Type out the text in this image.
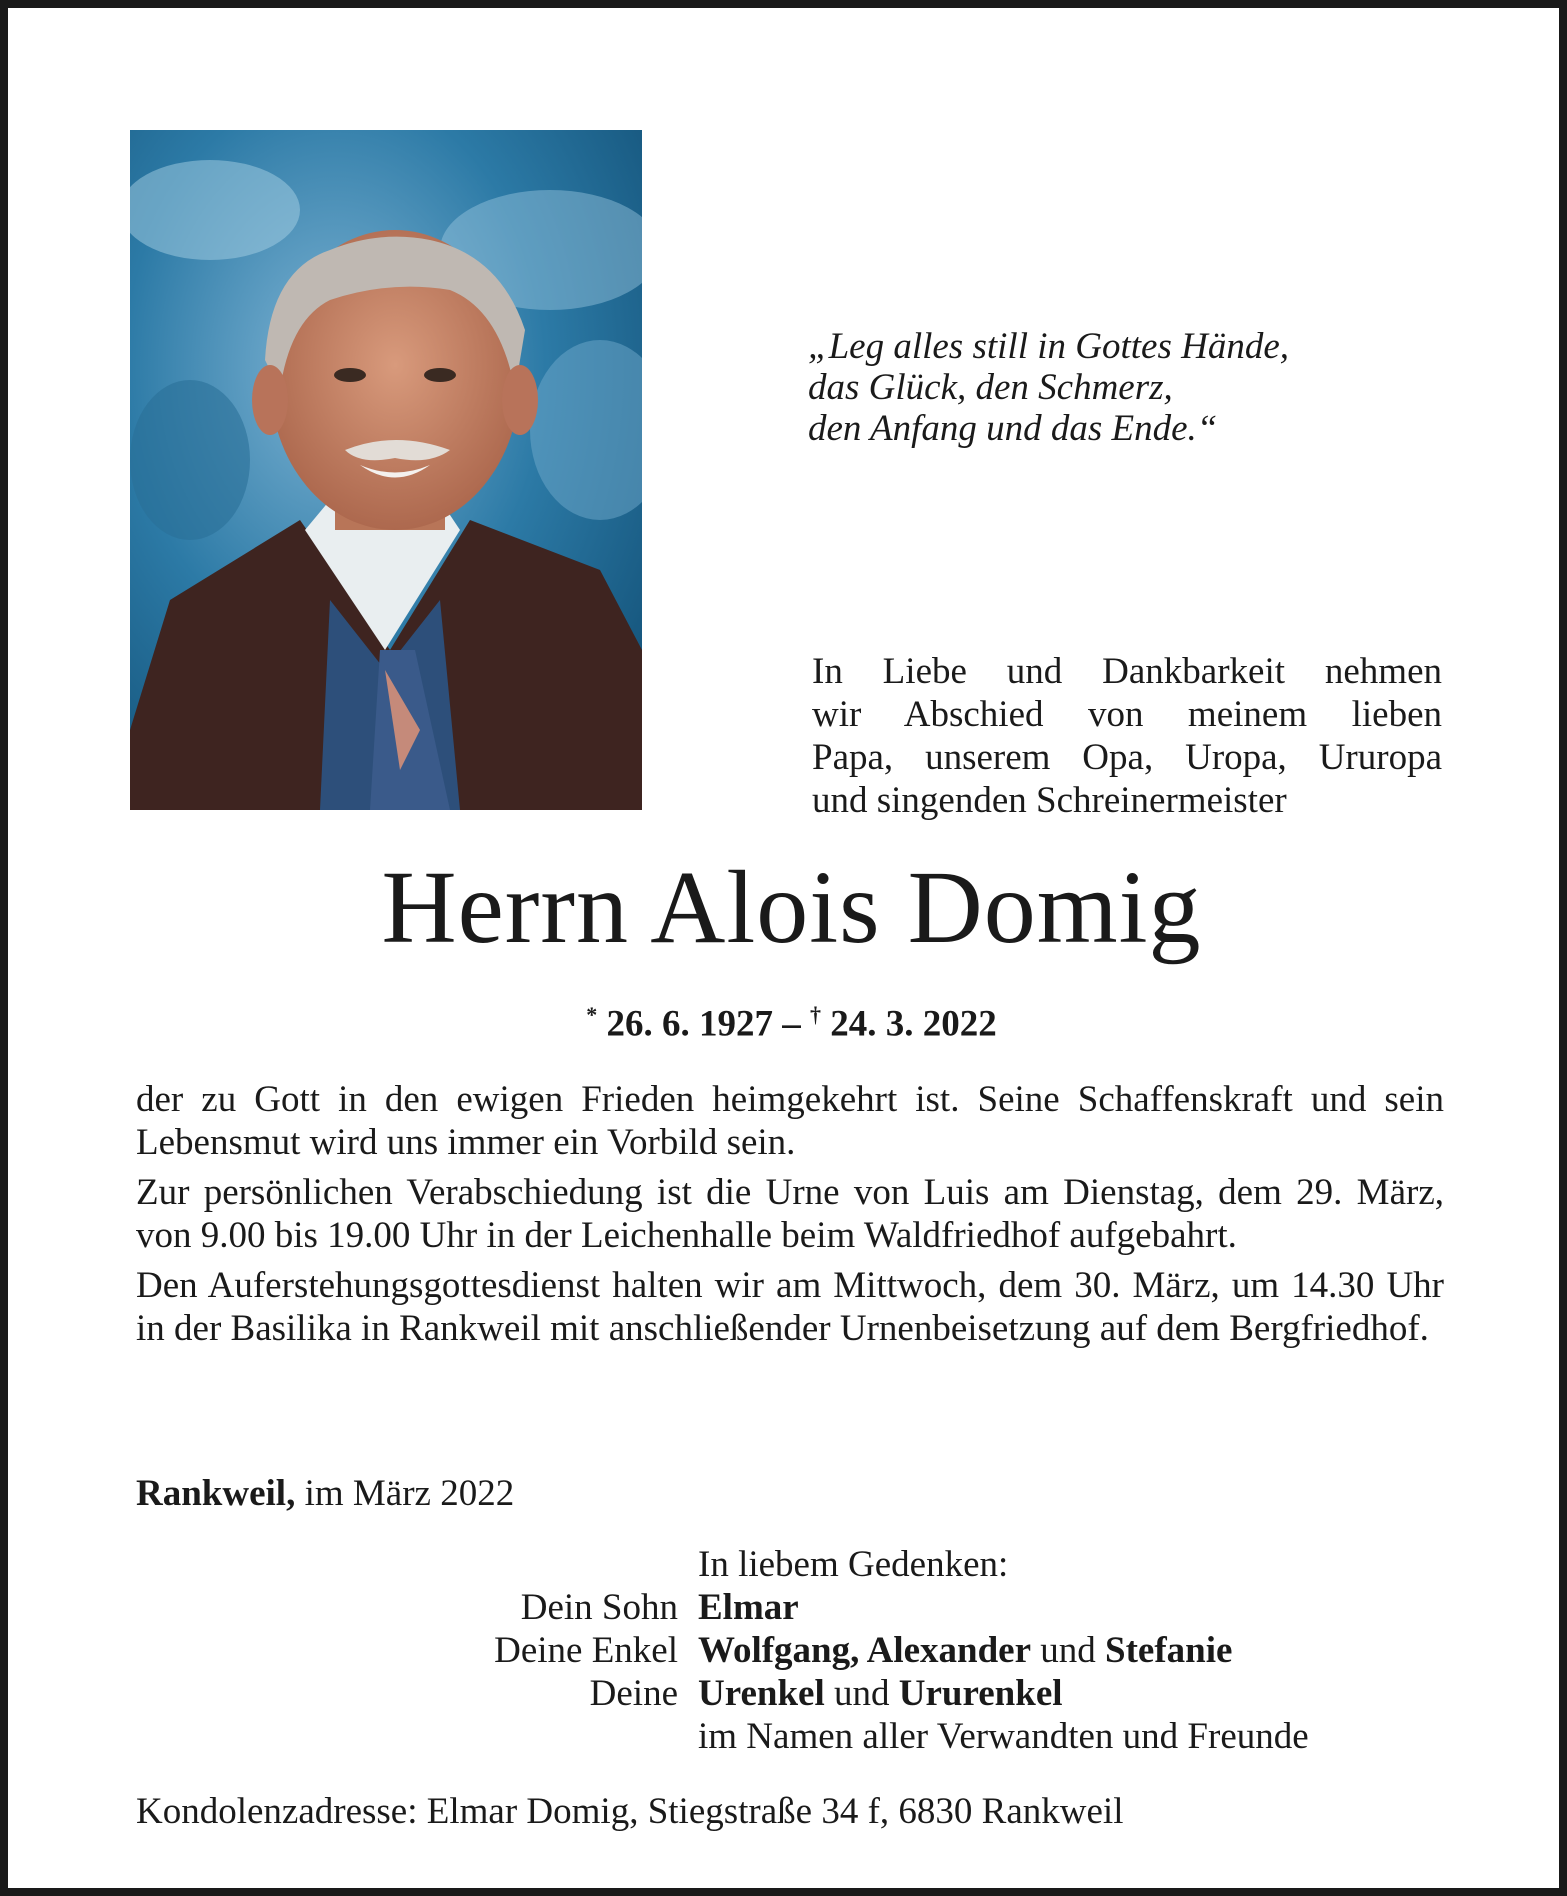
„Leg alles still in Gottes Hände,
das Glück, den Schmerz,
den Anfang und das Ende.“
In Liebe und Dankbarkeit nehmen
wir Abschied von meinem lieben
Papa, unserem Opa, Uropa, Ururopa
und singenden Schreinermeister
Herrn Alois Domig
* 26. 6. 1927 – † 24. 3. 2022

der zu Gott in den ewigen Frieden heimgekehrt ist. Seine Schaffenskraft und sein Lebensmut wird uns immer ein Vorbild sein.

Zur persönlichen Verabschiedung ist die Urne von Luis am Dienstag, dem 29. März, von 9.00 bis 19.00 Uhr in der Leichenhalle beim Waldfriedhof aufgebahrt.

Den Auferstehungsgottesdienst halten wir am Mittwoch, dem 30. März, um 14.30 Uhr in der Basilika in Rankweil mit anschließender Urnenbeisetzung auf dem Bergfriedhof.

Rankweil, im März 2022
In liebem Gedenken:
Dein Sohn Elmar
Deine Enkel Wolfgang, Alexander und Stefanie
Deine Urenkel und Ururenkel
im Namen aller Verwandten und Freunde
Kondolenzadresse: Elmar Domig, Stiegstraße 34 f, 6830 Rankweil
